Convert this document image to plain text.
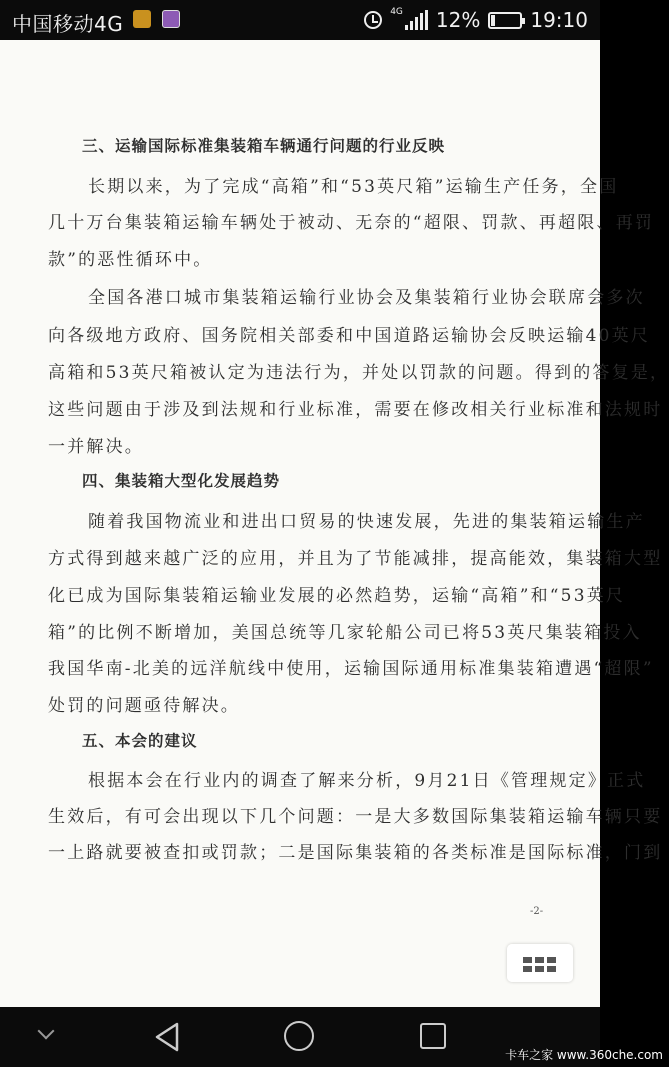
中国移动4G	4G 12%	19:10
三、运输国际标准集装箱车辆通行问题的行业反映
长期以来，为了完成“高箱”和“53英尺箱”运输生产任务，全国
几十万台集装箱运输车辆处于被动、无奈的“超限、罚款、再超限、再罚
款”的恶性循环中。
全国各港口城市集装箱运输行业协会及集装箱行业协会联席会多次
向各级地方政府、国务院相关部委和中国道路运输协会反映运输40英尺
高箱和53英尺箱被认定为违法行为，并处以罚款的问题。得到的答复是，
这些问题由于涉及到法规和行业标准，需要在修改相关行业标准和法规时
一并解决。
四、集装箱大型化发展趋势
随着我国物流业和进出口贸易的快速发展，先进的集装箱运输生产
方式得到越来越广泛的应用，并且为了节能减排，提高能效，集装箱大型
化已成为国际集装箱运输业发展的必然趋势，运输“高箱”和“53英尺
箱”的比例不断增加，美国总统等几家轮船公司已将53英尺集装箱投入
我国华南-北美的远洋航线中使用，运输国际通用标准集装箱遭遇“超限”
处罚的问题亟待解决。
五、本会的建议
根据本会在行业内的调查了解来分析，9月21日《管理规定》正式
生效后，有可会出现以下几个问题：一是大多数国际集装箱运输车辆只要
一上路就要被查扣或罚款；二是国际集装箱的各类标准是国际标准，门到
-2-
卡车之家 www.360che.com
